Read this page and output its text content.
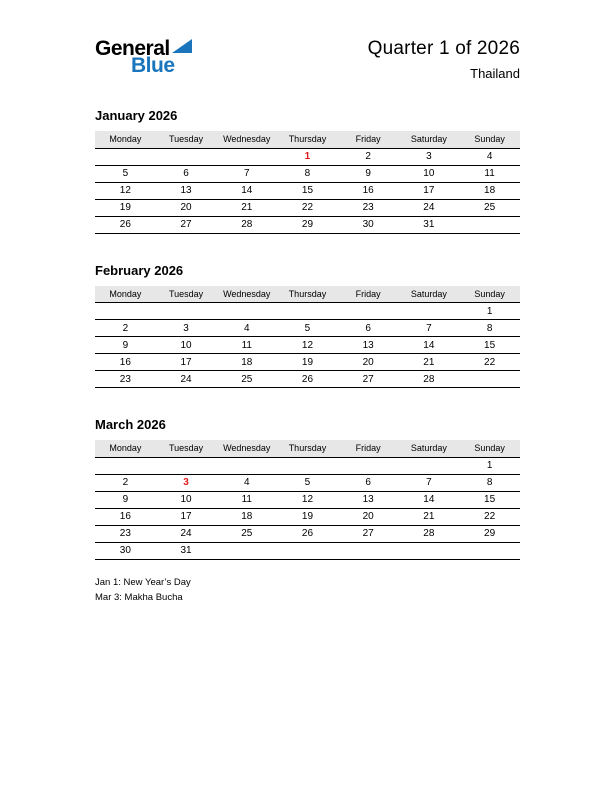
General
Blue
Quarter 1 of 2026
Thailand
January 2026
Monday	Tuesday	Wednesday	Thursday	Friday	Saturday	Sunday
			1	2	3	4
5	6	7	8	9	10	11
12	13	14	15	16	17	18
19	20	21	22	23	24	25
26	27	28	29	30	31	
February 2026
Monday	Tuesday	Wednesday	Thursday	Friday	Saturday	Sunday
						1
2	3	4	5	6	7	8
9	10	11	12	13	14	15
16	17	18	19	20	21	22
23	24	25	26	27	28	
March 2026
Monday	Tuesday	Wednesday	Thursday	Friday	Saturday	Sunday
						1
2	3	4	5	6	7	8
9	10	11	12	13	14	15
16	17	18	19	20	21	22
23	24	25	26	27	28	29
30	31					
Jan 1: New Year’s Day
Mar 3: Makha Bucha
